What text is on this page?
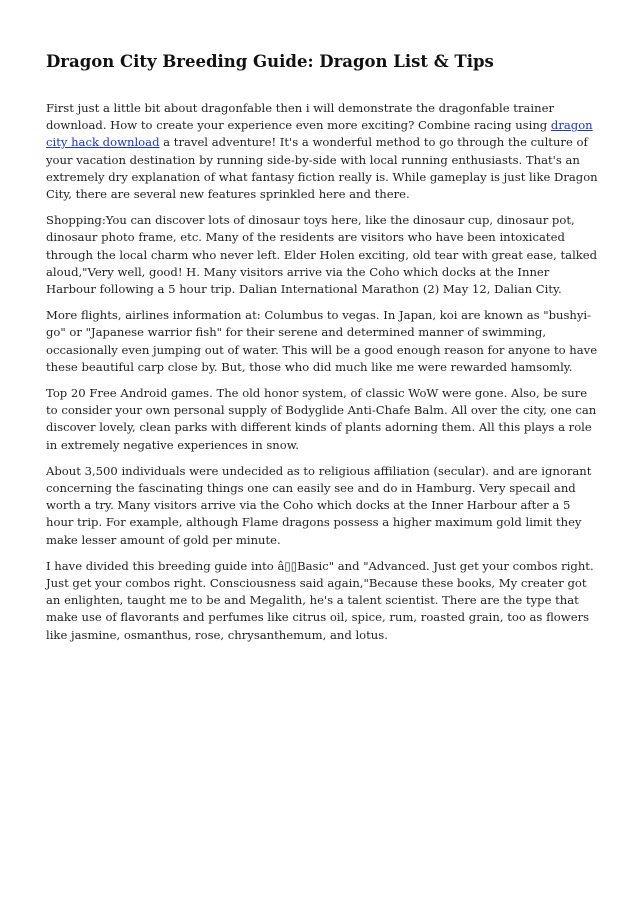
Dragon City Breeding Guide: Dragon List & Tips

First just a little bit about dragonfable then i will demonstrate the dragonfable trainer download. How to create your experience even more exciting? Combine racing using dragon city hack download a travel adventure! It's a wonderful method to go through the culture of your vacation destination by running side-by-side with local running enthusiasts. That's an extremely dry explanation of what fantasy fiction really is. While gameplay is just like Dragon City, there are several new features sprinkled here and there.

Shopping:You can discover lots of dinosaur toys here, like the dinosaur cup, dinosaur pot, dinosaur photo frame, etc. Many of the residents are visitors who have been intoxicated through the local charm who never left. Elder Holen exciting, old tear with great ease, talked aloud,"Very well, good! H. Many visitors arrive via the Coho which docks at the Inner Harbour following a 5 hour trip. Dalian International Marathon (2) May 12, Dalian City.

More flights, airlines information at: Columbus to vegas. In Japan, koi are known as "bushyi-go" or "Japanese warrior fish" for their serene and determined manner of swimming, occasionally even jumping out of water. This will be a good enough reason for anyone to have these beautiful carp close by. But, those who did much like me were rewarded hamsomly.

Top 20 Free Android games. The old honor system, of classic WoW were gone. Also, be sure to consider your own personal supply of Bodyglide Anti-Chafe Balm. All over the city, one can discover lovely, clean parks with different kinds of plants adorning them. All this plays a role in extremely negative experiences in snow.

About 3,500 individuals were undecided as to religious affiliation (secular). and are ignorant concerning the fascinating things one can easily see and do in Hamburg. Very specail and worth a try. Many visitors arrive via the Coho which docks at the Inner Harbour after a 5 hour trip. For example, although Flame dragons possess a higher maximum gold limit they make lesser amount of gold per minute.

I have divided this breeding guide into â▯▯Basic" and "Advanced. Just get your combos right. Just get your combos right. Consciousness said again,"Because these books, My creater got an enlighten, taught me to be and Megalith, he's a talent scientist. There are the type that make use of flavorants and perfumes like citrus oil, spice, rum, roasted grain, too as flowers like jasmine, osmanthus, rose, chrysanthemum, and lotus.
